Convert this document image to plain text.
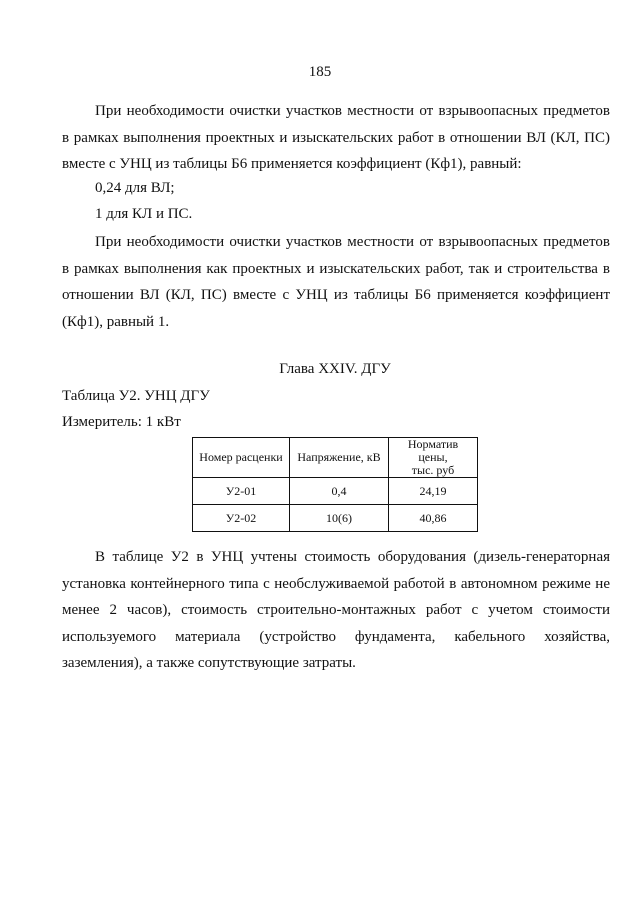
185

При необходимости очистки участков местности от взрывоопасных предметов в рамках выполнения проектных и изыскательских работ в отношении ВЛ (КЛ, ПС) вместе с УНЦ из таблицы Б6 применяется коэффициент (Кф1), равный:

0,24 для ВЛ;

1 для КЛ и ПС.

При необходимости очистки участков местности от взрывоопасных предметов в рамках выполнения как проектных и изыскательских работ, так и строительства в отношении ВЛ (КЛ, ПС) вместе с УНЦ из таблицы Б6 применяется коэффициент (Кф1), равный 1.

Глава XXIV. ДГУ
Таблица У2. УНЦ ДГУ
Измеритель: 1 кВт
Номер расценки	Напряжение, кВ	Норматив цены,
тыс. руб
У2-01	0,4	24,19
У2-02	10(6)	40,86

В таблице У2 в УНЦ учтены стоимость оборудования (дизель-генераторная установка контейнерного типа с необслуживаемой работой в автономном режиме не менее 2 часов), стоимость строительно-монтажных работ с учетом стоимости используемого материала (устройство фундамента, кабельного хозяйства, заземления), а также сопутствующие затраты.
